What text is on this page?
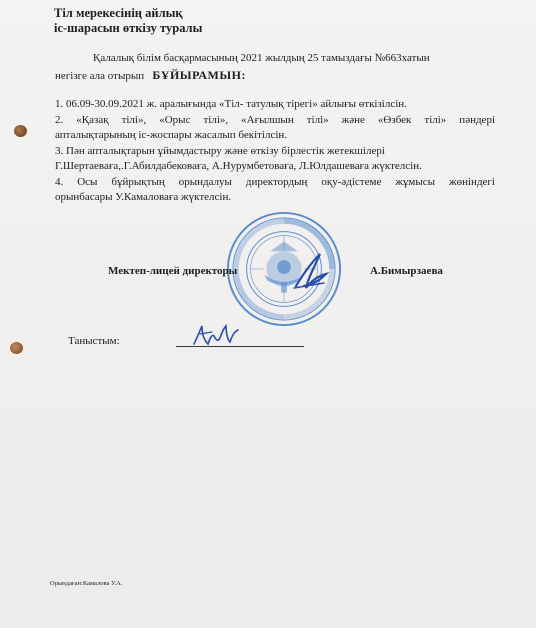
Тіл мерекесінің айлық
іс-шарасын өткізу туралы
Қалалық білім басқармасының 2021 жылдың 25 тамыздағы №663хатын
негізге ала отырып БҰЙЫРАМЫН:
1. 06.09-30.09.2021 ж. аралығында «Тіл- татулық тірегі» айлығы өткізілсін.
2. «Қазақ тілі», «Орыс тілі», «Ағылшын тілі» және «Өзбек тілі» пәндері
апталықтарының іс-жоспары жасалып бекітілсін.
3. Пән апталықтарын ұйымдастыру және өткізу бірлестік жетекшілері
Г.Шертаеваға,.Г.Абилдабековаға, А.Нурумбетоваға, Л.Юлдашеваға жүктелсін.
4. Осы бұйрықтың орындалуы директордың оқу-әдістеме жұмысы жөніндегі
орынбасары У.Камаловаға жүктелсін.
Мектеп-лицей директоры	А.Бимырзаева
Таныстым:
Орындаған:Камалова У.А.
